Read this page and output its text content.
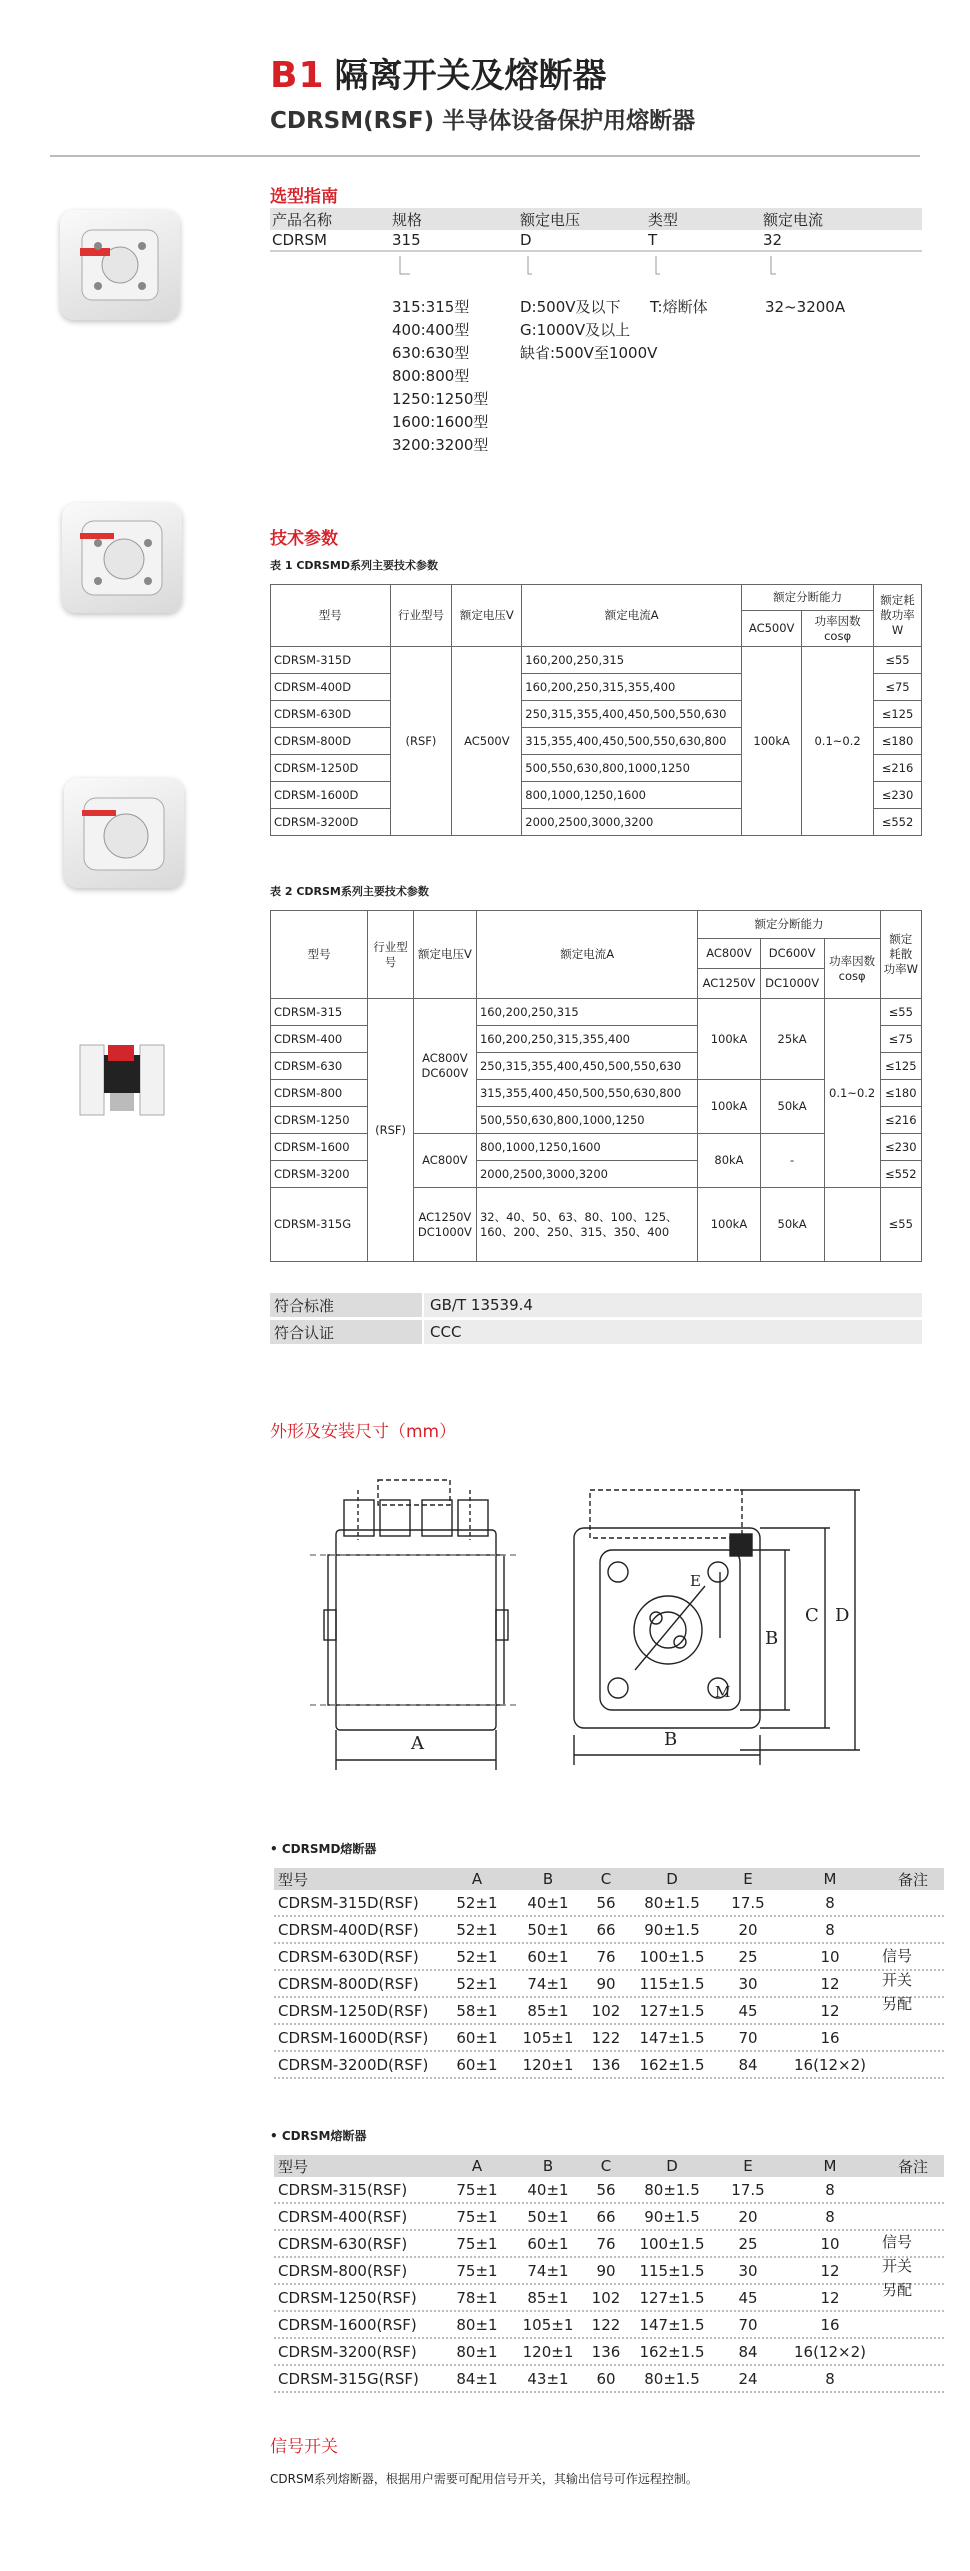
B1 隔离开关及熔断器
CDRSM(RSF) 半导体设备保护用熔断器
选型指南
产品名称	规格	额定电压	类型	额定电流
CDRSM	315	D	T	32
315:315型
400:400型
630:630型
800:800型
1250:1250型
1600:1600型
3200:3200型
D:500V及以下
G:1000V及以上
缺省:500V至1000V
T:熔断体	32~3200A
技术参数
表 1 CDRSMD系列主要技术参数
型号	行业型号	额定电压V	额定电流A	额定分断能力		额定耗散功率W
				AC500V	功率因数 cosφ	
CDRSM-315D	(RSF)	AC500V	160,200,250,315	100kA	0.1~0.2	≤55
CDRSM-400D			160,200,250,315,355,400			≤75
CDRSM-630D			250,315,355,400,450,500,550,630			≤125
CDRSM-800D			315,355,400,450,500,550,630,800			≤180
CDRSM-1250D			500,550,630,800,1000,1250			≤216
CDRSM-1600D			800,1000,1250,1600			≤230
CDRSM-3200D			2000,2500,3000,3200			≤552
表 2 CDRSM系列主要技术参数
型号	行业型号	额定电压V	额定电流A	额定分断能力			额定耗散功率W
				AC800V	DC600V	功率因数 cosφ	
				AC1250V	DC1000V		
CDRSM-315	(RSF)	AC800V DC600V	160,200,250,315	100kA	25kA	0.1~0.2	≤55
CDRSM-400			160,200,250,315,355,400				≤75
CDRSM-630			250,315,355,400,450,500,550,630				≤125
CDRSM-800			315,355,400,450,500,550,630,800	100kA	50kA		≤180
CDRSM-1250			500,550,630,800,1000,1250				≤216
CDRSM-1600		AC800V	800,1000,1250,1600	80kA	-		≤230
CDRSM-3200			2000,2500,3000,3200				≤552
CDRSM-315G		AC1250V DC1000V	32、40、50、63、80、100、125、160、200、250、315、350、400	100kA	50kA		≤55
符合标准	GB/T 13539.4
符合认证	CCC
外形及安装尺寸（mm）
A	B
B
C D
E
M
• CDRSMD熔断器
型号	A	B	C	D	E	M	备注
CDRSM-315D(RSF)	52±1	40±1	56	80±1.5	17.5	8
CDRSM-400D(RSF)	52±1	50±1	66	90±1.5	20	8
CDRSM-630D(RSF)	52±1	60±1	76	100±1.5	25	10
CDRSM-800D(RSF)	52±1	74±1	90	115±1.5	30	12
CDRSM-1250D(RSF)	58±1	85±1	102	127±1.5	45	12
CDRSM-1600D(RSF)	60±1	105±1	122	147±1.5	70	16
CDRSM-3200D(RSF)	60±1	120±1	136	162±1.5	84	16(12×2)
信号
开关
另配
• CDRSM熔断器
型号	A	B	C	D	E	M	备注
CDRSM-315(RSF)	75±1	40±1	56	80±1.5	17.5	8
CDRSM-400(RSF)	75±1	50±1	66	90±1.5	20	8
CDRSM-630(RSF)	75±1	60±1	76	100±1.5	25	10
CDRSM-800(RSF)	75±1	74±1	90	115±1.5	30	12
CDRSM-1250(RSF)	78±1	85±1	102	127±1.5	45	12
CDRSM-1600(RSF)	80±1	105±1	122	147±1.5	70	16
CDRSM-3200(RSF)	80±1	120±1	136	162±1.5	84	16(12×2)
CDRSM-315G(RSF)	84±1	43±1	60	80±1.5	24	8
信号
开关
另配
信号开关
CDRSM系列熔断器，根据用户需要可配用信号开关，其输出信号可作远程控制。
